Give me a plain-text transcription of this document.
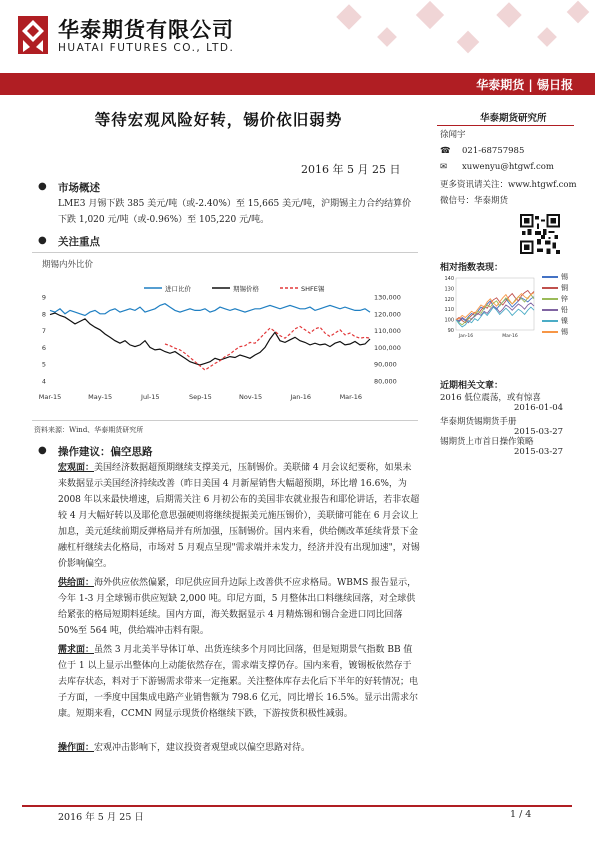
华泰期货有限公司
HUATAI FUTURES CO., LTD.
华泰期货 | 锡日报
等待宏观风险好转，锡价依旧弱势
2016 年 5 月 25 日
● 市场概述
LME3 月锡下跌 385 美元/吨（或-2.40%）至 15,665 美元/吨，沪期锡主力合约结算价下跌 1,020 元/吨（或-0.96%）至 105,220 元/吨。
● 关注重点
期锡内外比价
进口比价	期锡价格	SHFE锡
4
5
6
7
8
9
80,000
90,000
100,000
110,000
120,000
130,000
Mar-15	May-15	Jul-15	Sep-15	Nov-15	Jan-16	Mar-16
资料来源：Wind、华泰期货研究所
● 操作建议：偏空思路
宏观面：美国经济数据超预期继续支撑美元，压制锡价。美联储 4 月会议纪要称，如果未来数据显示美国经济持续改善（昨日美国 4 月新屋销售大幅超预期，环比增 16.6%，为 2008 年以来最快增速，后期需关注 6 月初公布的美国非农就业报告和耶伦讲话，若非农超较 4 月大幅好转以及耶伦意思强硬则将继续提振美元施压锡价），美联储可能在 6 月会议上加息，美元延续前期反弹格局并有所加强，压制锡价。国内来看，供给侧改革延续背景下金融杠杆继续去化格局，市场对 5 月观点呈现"需求端并未发力，经济并没有出现加速"，对锡价影响偏空。
供给面：海外供应依然偏紧，印尼供应回升边际上改善供不应求格局。WBMS 报告显示，今年 1-3 月全球锡市供应短缺 2,000 吨。印尼方面，5 月整体出口料继续回落，对全球供给紧张的格局短期料延续。国内方面，海关数据显示 4 月精炼锡和锡合金进口同比回落 50%至 564 吨，供给端冲击料有限。
需求面：虽然 3 月北美半导体订单、出货连续多个月同比回落，但是短期景气指数 BB 值位于 1 以上显示出整体向上动能依然存在，需求端支撑仍存。国内来看，镀锡板依然存于去库存状态，料对于下游锡需求带来一定拖累。关注整体库存去化后下半年的好转情况；电子方面，一季度中国集成电路产业销售额为 798.6 亿元，同比增长 16.5%。显示出需求尔康。短期来看，CCMN 网显示现货价格继续下跌，下游按货积极性减弱。
操作面：宏观冲击影响下，建议投资者观望或以偏空思路对待。
华泰期货研究所
徐闻宇
☎ 021-68757985
✉ xuwenyu@htgwf.com
更多资讯请关注：www.htgwf.com
微信号：华泰期货
相对指数表现：
90
100
110
120
130
140
Jan-16	Mar-16
锡
铜
锌
铅
镍
锡
近期相关文章：
2016 低位震荡，或有惊喜
2016-01-04
华泰期货锡期货手册
2015-03-27
锡期货上市首日操作策略
2015-03-27
2016 年 5 月 25 日	1 / 4
